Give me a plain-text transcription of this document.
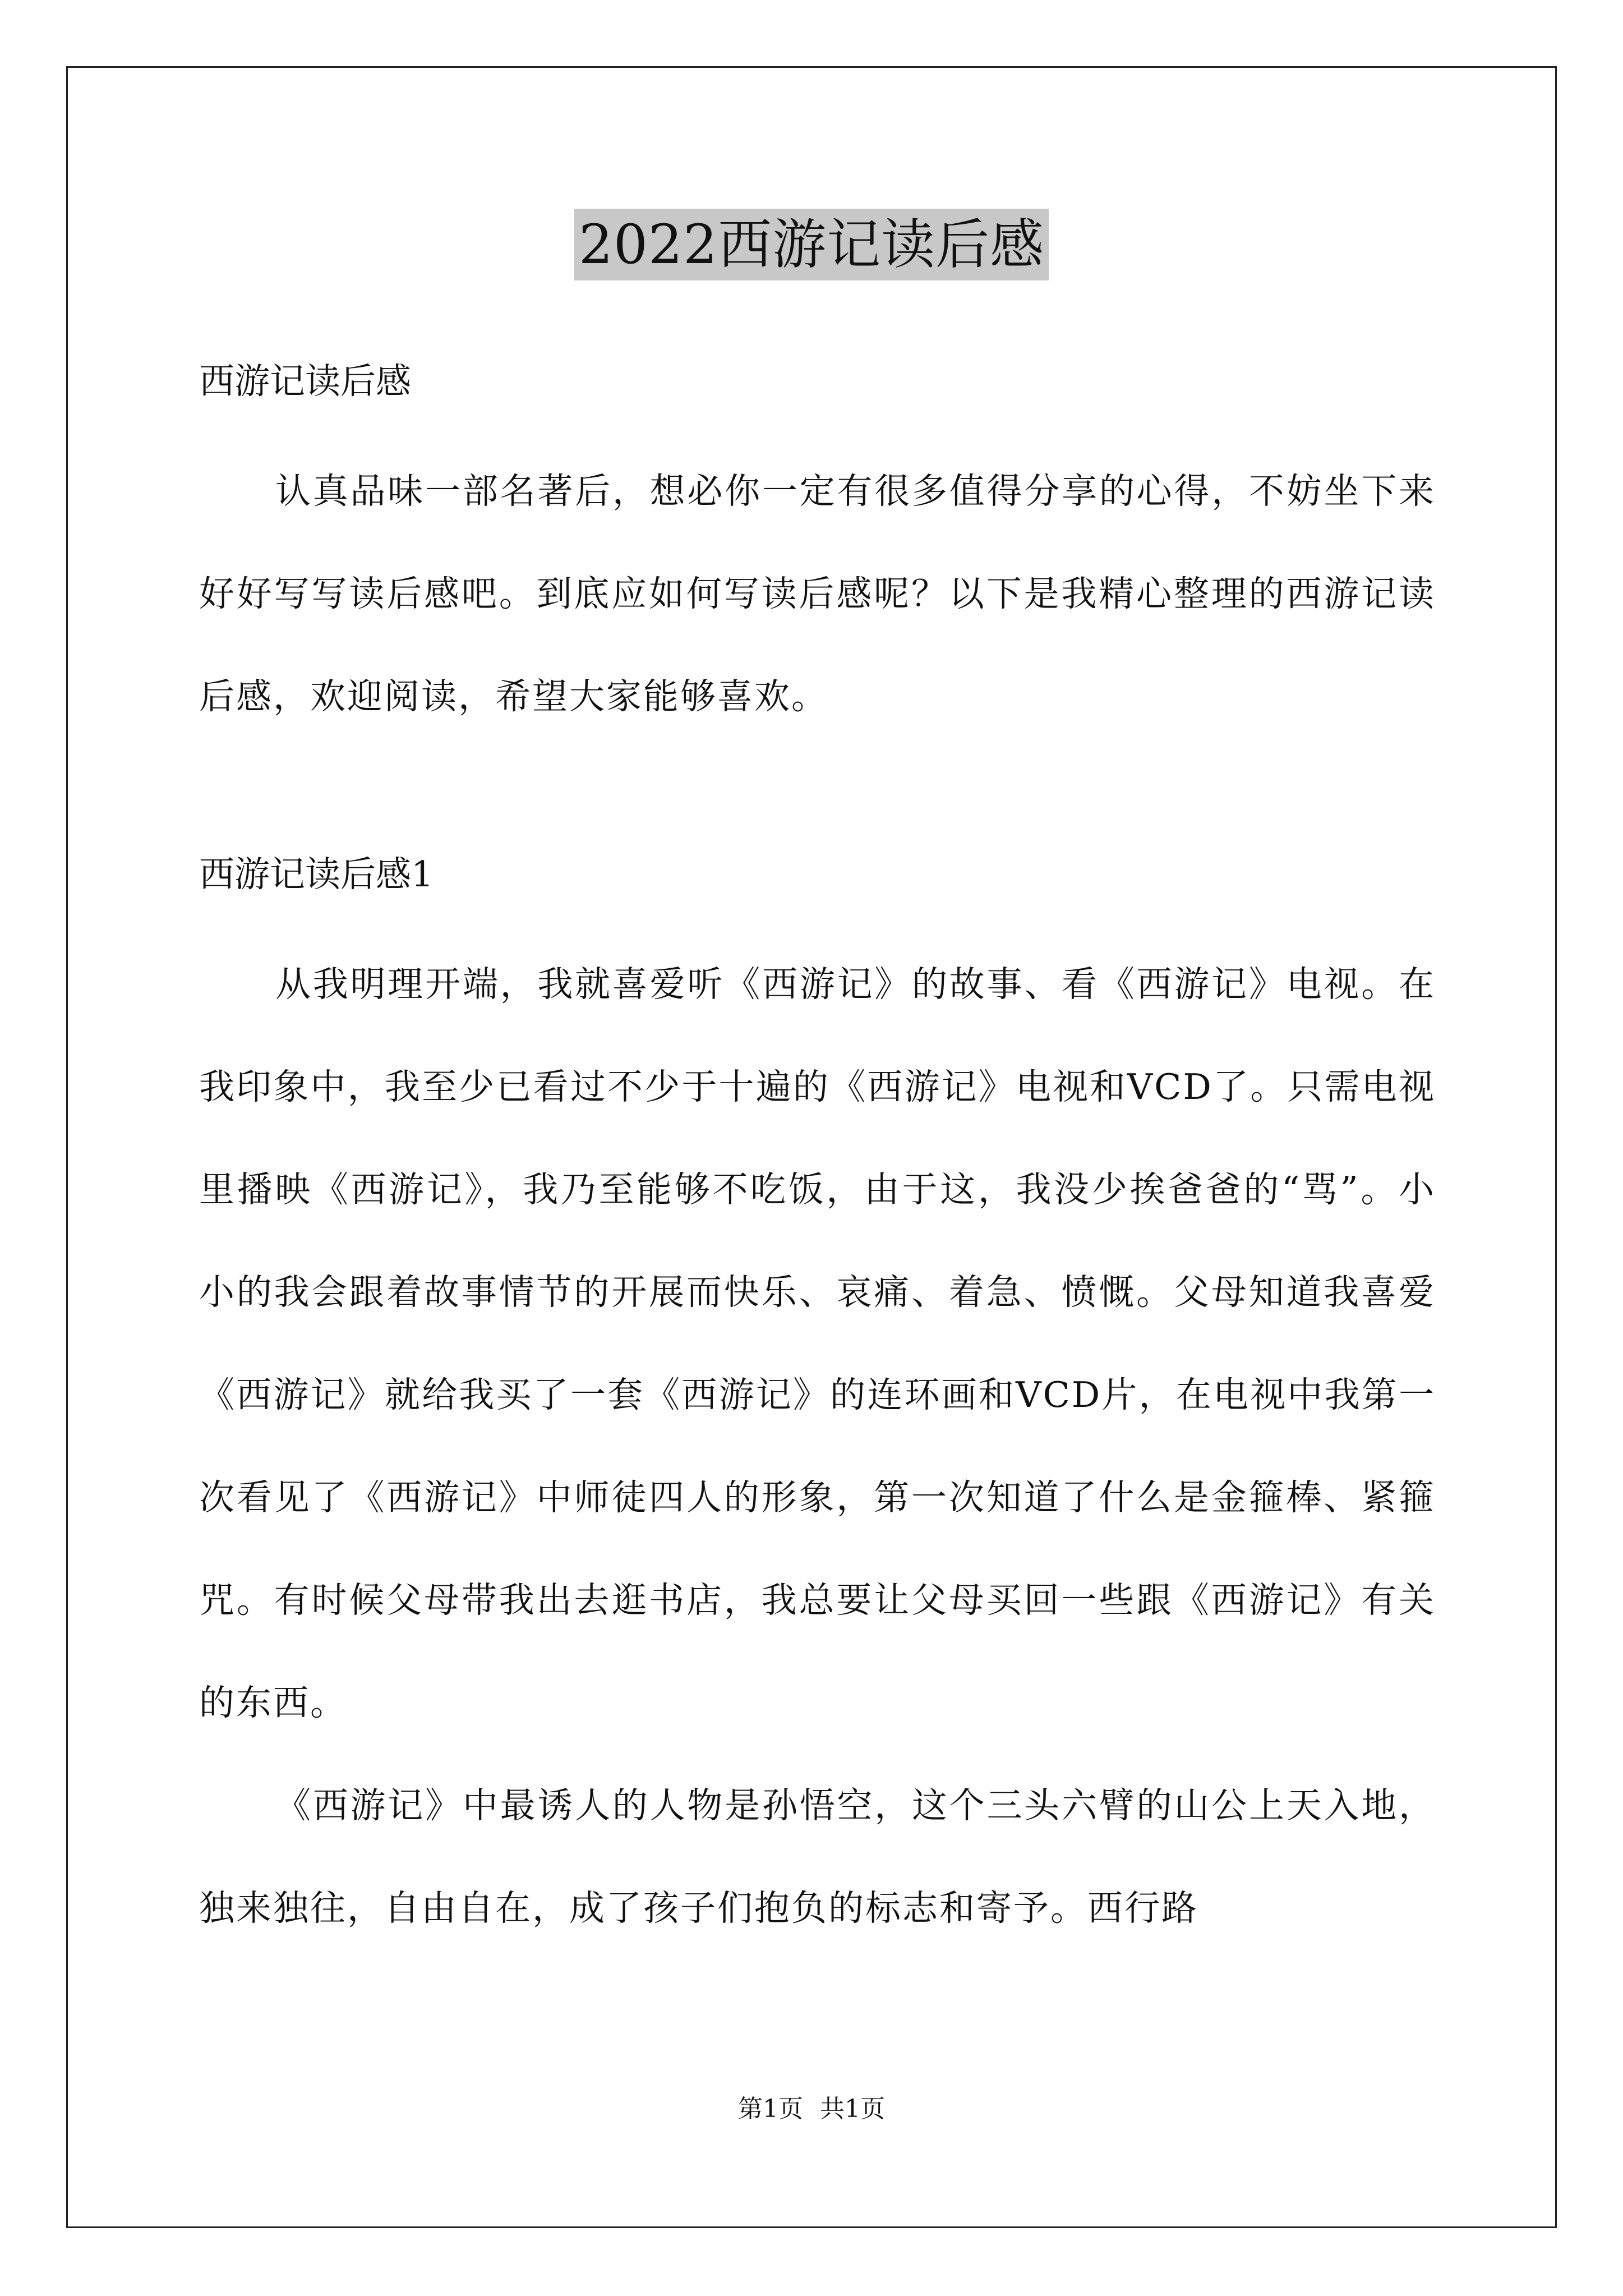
2022西游记读后感

西游记读后感

认真品味一部名著后，想必你一定有很多值得分享的心得，不妨坐下来好好写写读后感吧。到底应如何写读后感呢？以下是我精心整理的西游记读后感，欢迎阅读，希望大家能够喜欢。

西游记读后感1

从我明理开端，我就喜爱听《西游记》的故事、看《西游记》电视。在我印象中，我至少已看过不少于十遍的《西游记》电视和VCD了。只需电视里播映《西游记》，我乃至能够不吃饭，由于这，我没少挨爸爸的“骂”。小小的我会跟着故事情节的开展而快乐、哀痛、着急、愤慨。父母知道我喜爱《西游记》就给我买了一套《西游记》的连环画和VCD片，在电视中我第一次看见了《西游记》中师徒四人的形象，第一次知道了什么是金箍棒、紧箍咒。有时候父母带我出去逛书店，我总要让父母买回一些跟《西游记》有关的东西。

《西游记》中最诱人的人物是孙悟空，这个三头六臂的山公上天入地，独来独往，自由自在，成了孩子们抱负的标志和寄予。西行路

第1页 共1页
